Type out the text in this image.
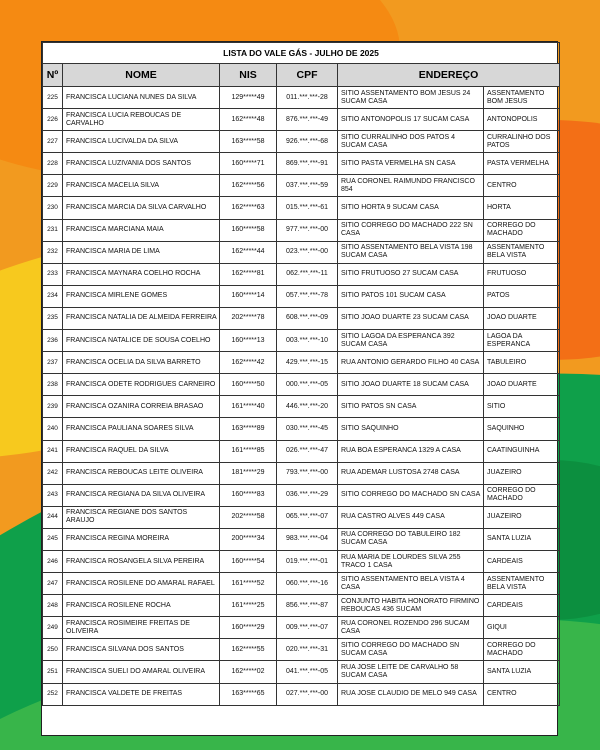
LISTA DO VALE GÁS - JULHO DE 2025					
Nº	NOME	NIS	CPF	ENDEREÇO	
225	FRANCISCA LUCIANA NUNES DA SILVA	129*****49	011.***.***-28	SITIO ASSENTAMENTO BOM JESUS 24 SUCAM CASA	ASSENTAMENTO BOM JESUS
226	FRANCISCA LUCIA REBOUCAS DE CARVALHO	162*****48	876.***.***-49	SITIO ANTONOPOLIS 17 SUCAM CASA	ANTONOPOLIS
227	FRANCISCA LUCIVALDA DA SILVA	163*****58	926.***.***-68	SITIO CURRALINHO DOS PATOS 4 SUCAM CASA	CURRALINHO DOS PATOS
228	FRANCISCA LUZIVANIA DOS SANTOS	160*****71	869.***.***-91	SITIO PASTA VERMELHA SN CASA	PASTA VERMELHA
229	FRANCISCA MACELIA SILVA	162*****56	037.***.***-59	RUA CORONEL RAIMUNDO FRANCISCO 854	CENTRO
230	FRANCISCA MARCIA DA SILVA CARVALHO	162*****63	015.***.***-61	SITIO HORTA 9 SUCAM CASA	HORTA
231	FRANCISCA MARCIANA MAIA	160*****58	977.***.***-00	SITIO CORREGO DO MACHADO 222 SN CASA	CORREGO DO MACHADO
232	FRANCISCA MARIA DE LIMA	162*****44	023.***.***-00	SITIO ASSENTAMENTO BELA VISTA 198 SUCAM CASA	ASSENTAMENTO BELA VISTA
233	FRANCISCA MAYNARA COELHO ROCHA	162*****81	062.***.***-11	SITIO FRUTUOSO 27 SUCAM CASA	FRUTUOSO
234	FRANCISCA MIRLENE GOMES	160*****14	057.***.***-78	SITIO PATOS 101 SUCAM CASA	PATOS
235	FRANCISCA NATALIA DE ALMEIDA FERREIRA	202*****78	608.***.***-09	SITIO JOAO DUARTE 23 SUCAM CASA	JOAO DUARTE
236	FRANCISCA NATALICE DE SOUSA COELHO	160*****13	003.***.***-10	SITIO LAGOA DA ESPERANCA 392 SUCAM CASA	LAGOA DA ESPERANCA
237	FRANCISCA OCELIA DA SILVA BARRETO	162*****42	429.***.***-15	RUA ANTONIO GERARDO FILHO 40 CASA	TABULEIRO
238	FRANCISCA ODETE RODRIGUES CARNEIRO	160*****50	000.***.***-05	SITIO JOAO DUARTE 18 SUCAM CASA	JOAO DUARTE
239	FRANCISCA OZANIRA CORREIA BRASAO	161*****40	446.***.***-20	SITIO PATOS SN CASA	SITIO
240	FRANCISCA PAULIANA SOARES SILVA	163*****89	030.***.***-45	SITIO SAQUINHO	SAQUINHO
241	FRANCISCA RAQUEL DA SILVA	161*****85	026.***.***-47	RUA BOA ESPERANCA 1329 A CASA	CAATINGUINHA
242	FRANCISCA REBOUCAS LEITE OLIVEIRA	181*****29	793.***.***-00	RUA ADEMAR LUSTOSA 2748 CASA	JUAZEIRO
243	FRANCISCA REGIANA DA SILVA OLIVEIRA	160*****83	036.***.***-29	SITIO CORREGO DO MACHADO SN CASA	CORREGO DO MACHADO
244	FRANCISCA REGIANE DOS SANTOS ARAUJO	202*****58	065.***.***-07	RUA CASTRO ALVES 449 CASA	JUAZEIRO
245	FRANCISCA REGINA MOREIRA	200*****34	983.***.***-04	RUA CORREGO DO TABULEIRO 182 SUCAM CASA	SANTA LUZIA
246	FRANCISCA ROSANGELA SILVA PEREIRA	160*****54	019.***.***-01	RUA MARIA DE LOURDES SILVA 255 TRACO 1 CASA	CARDEAIS
247	FRANCISCA ROSILENE DO AMARAL RAFAEL	161*****52	060.***.***-16	SITIO ASSENTAMENTO BELA VISTA 4 CASA	ASSENTAMENTO BELA VISTA
248	FRANCISCA ROSILENE ROCHA	161*****25	856.***.***-87	CONJUNTO HABITA HONORATO FIRMINO REBOUCAS 436 SUCAM	CARDEAIS
249	FRANCISCA ROSIMEIRE FREITAS DE OLIVEIRA	160*****29	009.***.***-07	RUA CORONEL ROZENDO 296 SUCAM CASA	GIQUI
250	FRANCISCA SILVANA DOS SANTOS	162*****55	020.***.***-31	SITIO CORREGO DO MACHADO SN SUCAM CASA	CORREGO DO MACHADO
251	FRANCISCA SUELI DO AMARAL OLIVEIRA	162*****02	041.***.***-05	RUA JOSE LEITE DE CARVALHO 58 SUCAM CASA	SANTA LUZIA
252	FRANCISCA VALDETE DE FREITAS	163*****65	027.***.***-00	RUA JOSE CLAUDIO DE MELO 949 CASA	CENTRO
